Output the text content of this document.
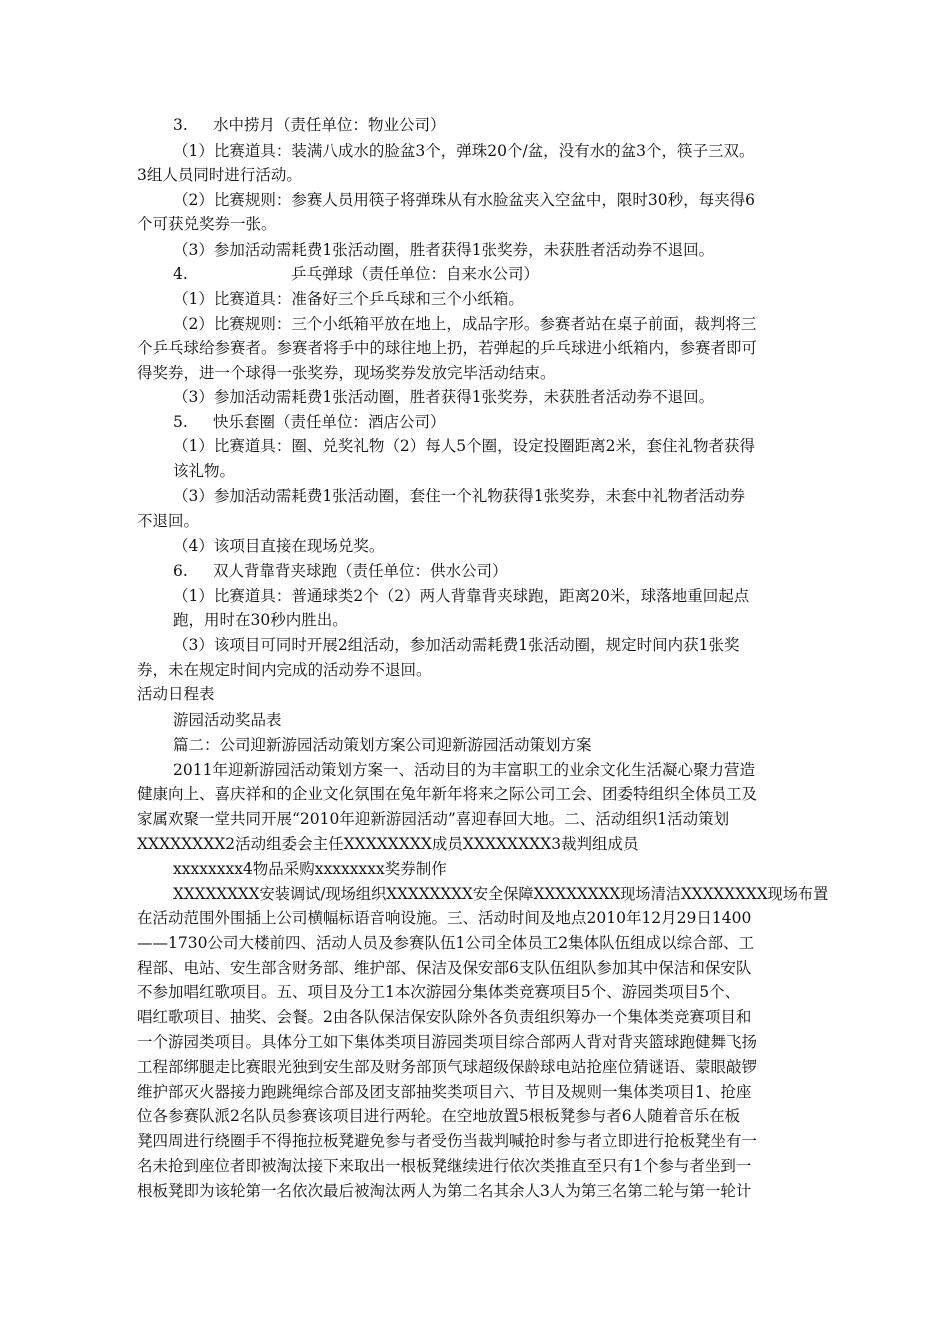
3. 水中捞月（责任单位：物业公司）
（1）比赛道具：装满八成水的脸盆3个，弹珠20个/盆，没有水的盆3个，筷子三双。
3组人员同时进行活动。
（2）比赛规则：参赛人员用筷子将弹珠从有水脸盆夹入空盆中，限时30秒，每夹得6
个可获兑奖券一张。
（3）参加活动需耗费1张活动圈，胜者获得1张奖券，未获胜者活动券不退回。
4.	乒乓弹球（责任单位：自来水公司）
（1）比赛道具：准备好三个乒乓球和三个小纸箱。
（2）比赛规则：三个小纸箱平放在地上，成品字形。参赛者站在桌子前面，裁判将三
个乒乓球给参赛者。参赛者将手中的球往地上扔，若弹起的乒乓球进小纸箱内，参赛者即可
得奖券，进一个球得一张奖券，现场奖券发放完毕活动结束。
（3）参加活动需耗费1张活动圈，胜者获得1张奖券，未获胜者活动券不退回。
5. 快乐套圈（责任单位：酒店公司）
（1）比赛道具：圈、兑奖礼物（2）每人5个圈，设定投圈距离2米，套住礼物者获得
该礼物。
（3）参加活动需耗费1张活动圈，套住一个礼物获得1张奖券，未套中礼物者活动券
不退回。
（4）该项目直接在现场兑奖。
6. 双人背靠背夹球跑（责任单位：供水公司）
（1）比赛道具：普通球类2个（2）两人背靠背夹球跑，距离20米，球落地重回起点
跑，用时在30秒内胜出。
（3）该项目可同时开展2组活动，参加活动需耗费1张活动圈，规定时间内获1张奖
券，未在规定时间内完成的活动券不退回。
活动日程表
游园活动奖品表
篇二：公司迎新游园活动策划方案公司迎新游园活动策划方案
2011年迎新游园活动策划方案一、活动目的为丰富职工的业余文化生活凝心聚力营造
健康向上、喜庆祥和的企业文化氛围在兔年新年将来之际公司工会、团委特组织全体员工及
家属欢聚一堂共同开展“2010年迎新游园活动”喜迎春回大地。二、活动组织1活动策划
XXXXXXXX2活动组委会主任XXXXXXXX成员XXXXXXXX3裁判组成员
xxxxxxxx4物品采购xxxxxxxx奖券制作
XXXXXXXX安装调试/现场组织XXXXXXXX安全保障XXXXXXXX现场清洁XXXXXXXX现场布置
在活动范围外围插上公司横幅标语音响设施。三、活动时间及地点2010年12月29日1400
——1730公司大楼前四、活动人员及参赛队伍1公司全体员工2集体队伍组成以综合部、工
程部、电站、安生部含财务部、维护部、保洁及保安部6支队伍组队参加其中保洁和保安队
不参加唱红歌项目。五、项目及分工1本次游园分集体类竞赛项目5个、游园类项目5个、
唱红歌项目、抽奖、会餐。2由各队保洁保安队除外各负责组织筹办一个集体类竞赛项目和
一个游园类项目。具体分工如下集体类项目游园类项目综合部两人背对背夹篮球跑健舞飞扬
工程部绑腿走比赛眼光独到安生部及财务部顶气球超级保龄球电站抢座位猜谜语、蒙眼敲锣
维护部灭火器接力跑跳绳综合部及团支部抽奖类项目六、节目及规则一集体类项目1、抢座
位各参赛队派2名队员参赛该项目进行两轮。在空地放置5根板凳参与者6人随着音乐在板
凳四周进行绕圈手不得拖拉板凳避免参与者受伤当裁判喊抢时参与者立即进行抢板凳坐有一
名未抢到座位者即被淘汰接下来取出一根板凳继续进行依次类推直至只有1个参与者坐到一
根板凳即为该轮第一名依次最后被淘汰两人为第二名其余人3人为第三名第二轮与第一轮计
